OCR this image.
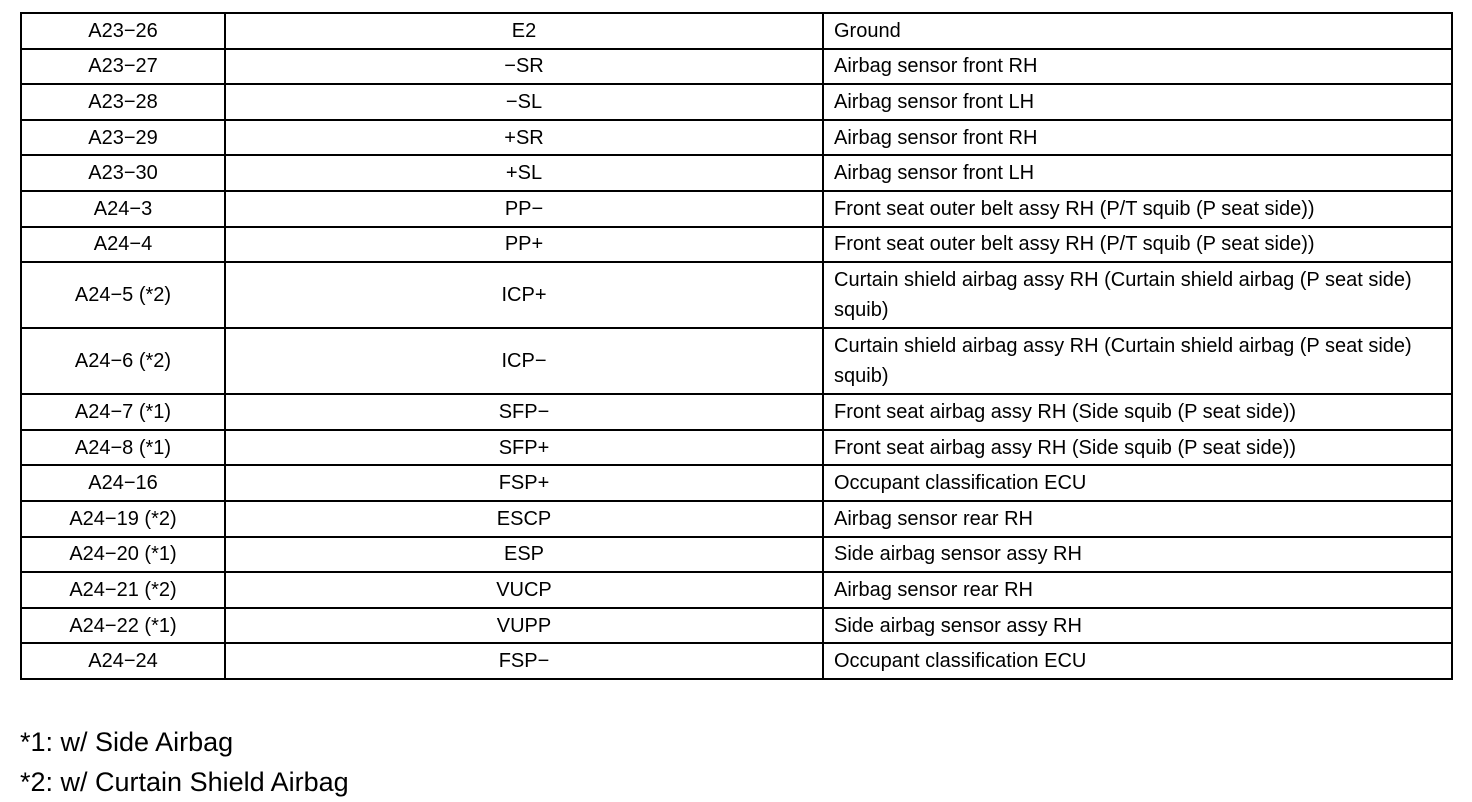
A23−26	E2	Ground
A23−27	−SR	Airbag sensor front RH
A23−28	−SL	Airbag sensor front LH
A23−29	+SR	Airbag sensor front RH
A23−30	+SL	Airbag sensor front LH
A24−3	PP−	Front seat outer belt assy RH (P/T squib (P seat side))
A24−4	PP+	Front seat outer belt assy RH (P/T squib (P seat side))
A24−5 (*2)	ICP+	Curtain shield airbag assy RH (Curtain shield airbag (P seat side) squib)
A24−6 (*2)	ICP−	Curtain shield airbag assy RH (Curtain shield airbag (P seat side) squib)
A24−7 (*1)	SFP−	Front seat airbag assy RH (Side squib (P seat side))
A24−8 (*1)	SFP+	Front seat airbag assy RH (Side squib (P seat side))
A24−16	FSP+	Occupant classification ECU
A24−19 (*2)	ESCP	Airbag sensor rear RH
A24−20 (*1)	ESP	Side airbag sensor assy RH
A24−21 (*2)	VUCP	Airbag sensor rear RH
A24−22 (*1)	VUPP	Side airbag sensor assy RH
A24−24	FSP−	Occupant classification ECU
*1: w/ Side Airbag
*2: w/ Curtain Shield Airbag
